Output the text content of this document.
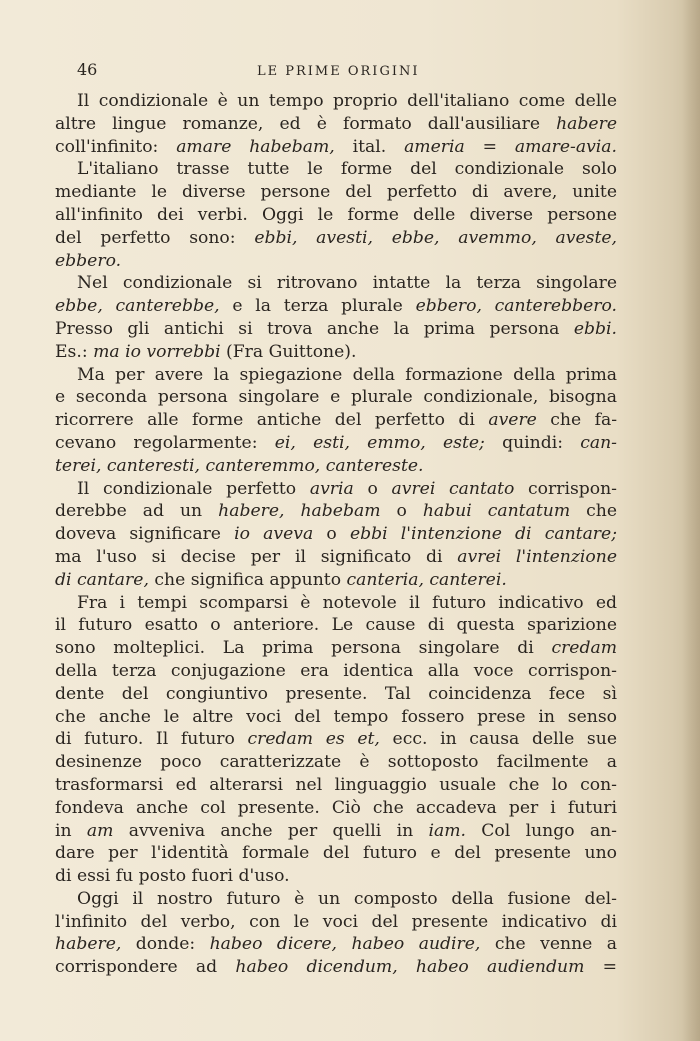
46	LE PRIME ORIGINI
Il condizionale è un tempo proprio dell'italiano come delle
altre lingue romanze, ed è formato dall'ausiliare habere
coll'infinito: amare habebam, ital. ameria = amare-avia.
L'italiano trasse tutte le forme del condizionale solo
mediante le diverse persone del perfetto di avere, unite
all'infinito dei verbi. Oggi le forme delle diverse persone
del perfetto sono: ebbi, avesti, ebbe, avemmo, aveste,
ebbero.
Nel condizionale si ritrovano intatte la terza singolare
ebbe, canterebbe, e la terza plurale ebbero, canterebbero.
Presso gli antichi si trova anche la prima persona ebbi.
Es.: ma io vorrebbi (Fra Guittone).
Ma per avere la spiegazione della formazione della prima
e seconda persona singolare e plurale condizionale, bisogna
ricorrere alle forme antiche del perfetto di avere che fa-
cevano regolarmente: ei, esti, emmo, este; quindi: can-
terei, canteresti, canteremmo, cantereste.
Il condizionale perfetto avria o avrei cantato corrispon-
derebbe ad un habere, habebam o habui cantatum che
doveva significare io aveva o ebbi l'intenzione di cantare;
ma l'uso si decise per il significato di avrei l'intenzione
di cantare, che significa appunto canteria, canterei.
Fra i tempi scomparsi è notevole il futuro indicativo ed
il futuro esatto o anteriore. Le cause di questa sparizione
sono molteplici. La prima persona singolare di credam
della terza conjugazione era identica alla voce corrispon-
dente del congiuntivo presente. Tal coincidenza fece sì
che anche le altre voci del tempo fossero prese in senso
di futuro. Il futuro credam es et, ecc. in causa delle sue
desinenze poco caratterizzate è sottoposto facilmente a
trasformarsi ed alterarsi nel linguaggio usuale che lo con-
fondeva anche col presente. Ciò che accadeva per i futuri
in am avveniva anche per quelli in iam. Col lungo an-
dare per l'identità formale del futuro e del presente uno
di essi fu posto fuori d'uso.
Oggi il nostro futuro è un composto della fusione del-
l'infinito del verbo, con le voci del presente indicativo di
habere, donde: habeo dicere, habeo audire, che venne a
corrispondere ad habeo dicendum, habeo audiendum =
